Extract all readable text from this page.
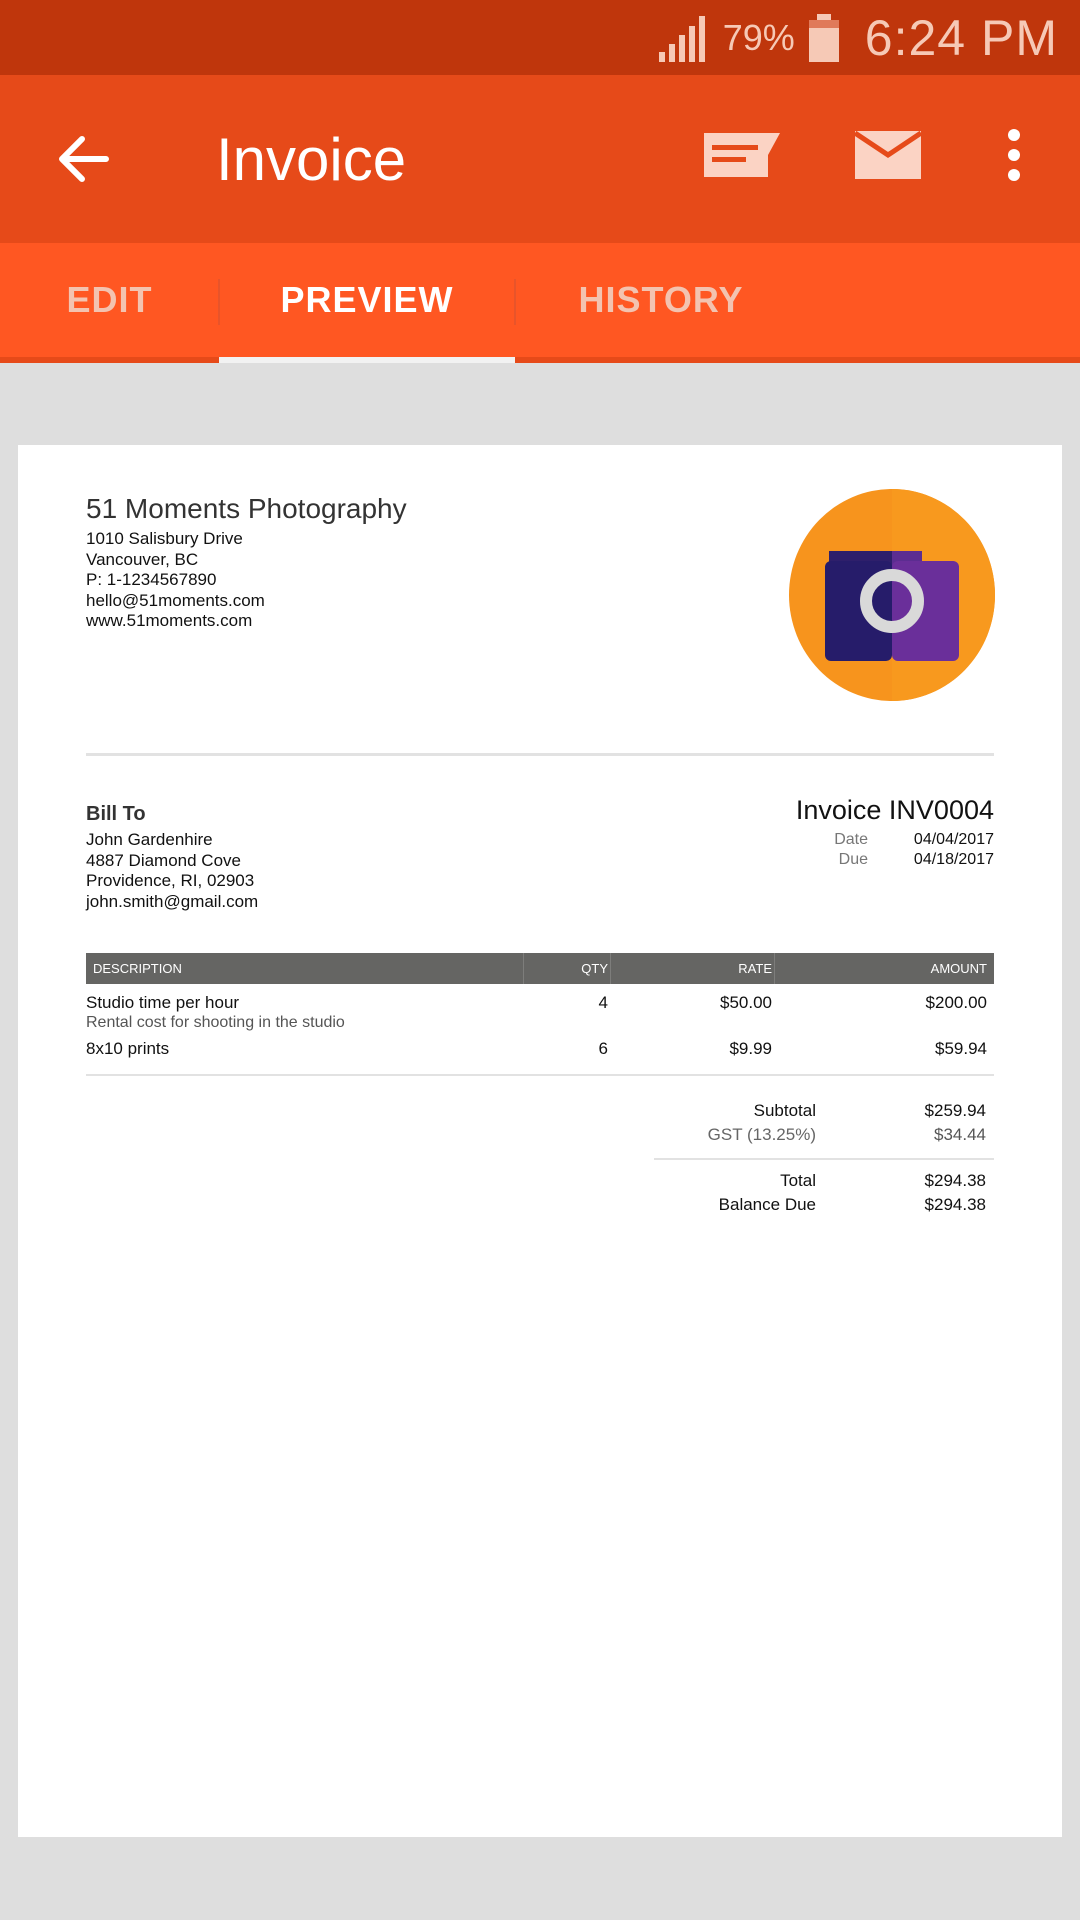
79% 6:24 PM
Invoice
EDIT	PREVIEW	HISTORY
51 Moments Photography
1010 Salisbury Drive
Vancouver, BC
P: 1-1234567890
hello@51moments.com
www.51moments.com
Bill To
John Gardenhire
4887 Diamond Cove
Providence, RI, 02903
john.smith@gmail.com
Invoice INV0004
Date	04/04/2017
Due	04/18/2017
DESCRIPTION	QTY	RATE	AMOUNT
Studio time per hour
Rental cost for shooting in the studio
4	$50.00	$200.00
8x10 prints	6	$9.99	$59.94
Subtotal	$259.94
GST (13.25%)	$34.44
Total	$294.38
Balance Due	$294.38
